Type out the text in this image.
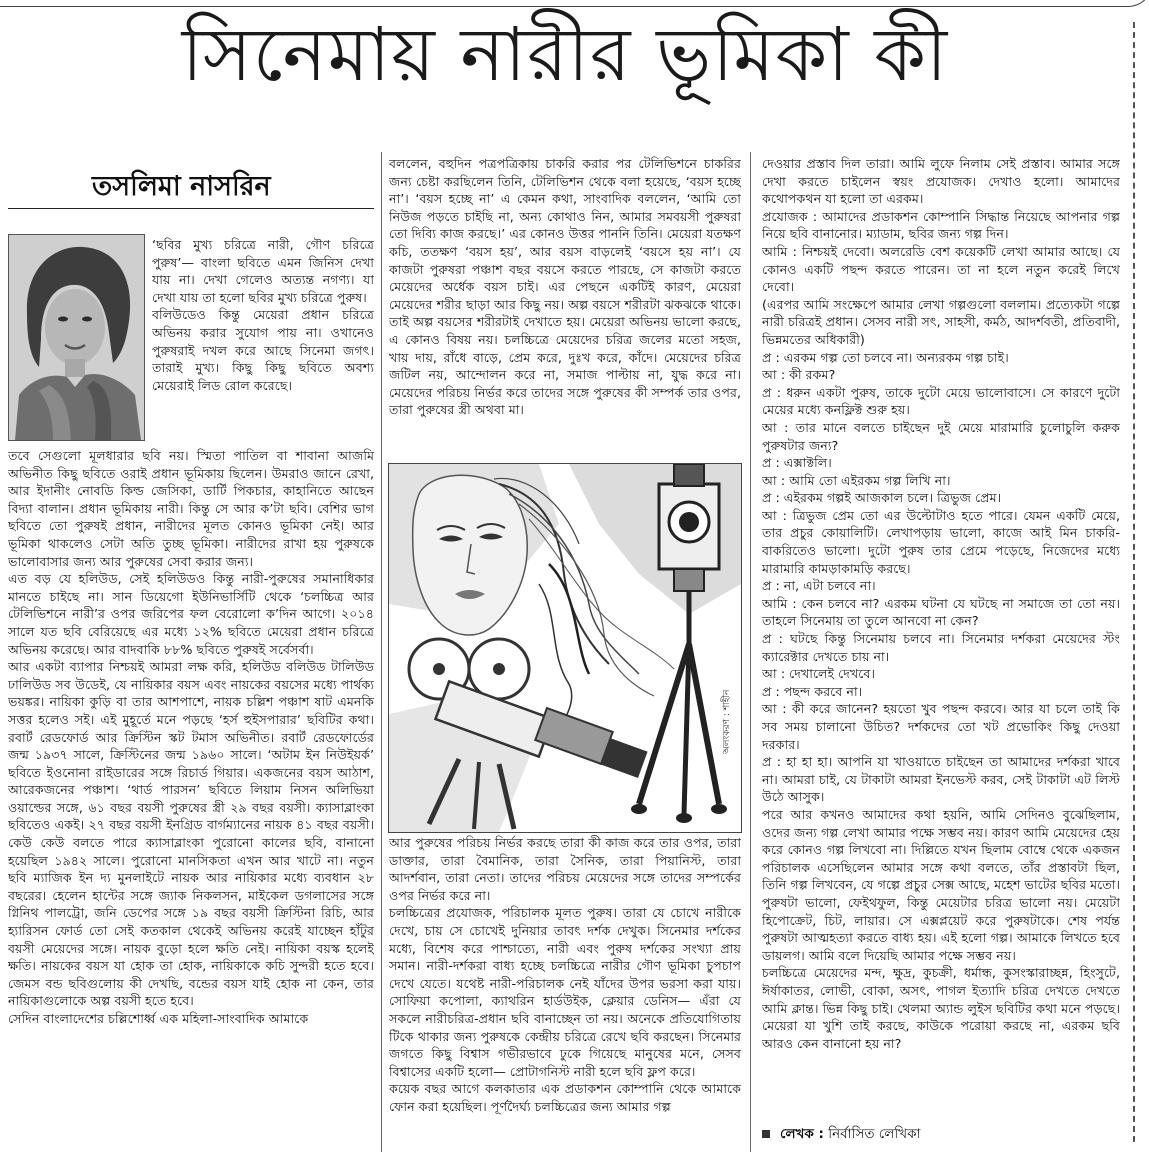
সিনেমায় নারীর ভূমিকা কী
তসলিমা নাসরিন

‘ছবির মুখ্য চরিত্রে নারী, গৌণ চরিত্রে পুরুষ’— বাংলা ছবিতে এমন জিনিস দেখা যায় না। দেখা গেলেও অত্যন্ত নগণ্য। যা দেখা যায় তা হলো ছবির মুখ্য চরিত্রে পুরুষ।

বলিউডেও কিন্তু মেয়েরা প্রধান চরিত্রে অভিনয় করার সুযোগ পায় না। ওখানেও পুরুষরাই দখল করে আছে সিনেমা জগৎ। তারাই মুখ্য। কিছু কিছু ছবিতে অবশ্য মেয়েরাই লিড রোল করেছে।

তবে সেগুলো মূলধারার ছবি নয়। স্মিতা পাতিল বা শাবানা আজমি অভিনীত কিছু ছবিতে ওরাই প্রধান ভূমিকায় ছিলেন। উমরাও জানে রেখা, আর ইদানীং নোবডি কিল্ড জেসিকা, ডার্টি পিকচার, কাহানিতে আছেন বিদ্যা বালান। প্রধান ভূমিকায় নারী। কিন্তু সে আর ক’টা ছবি। বেশির ভাগ ছবিতে তো পুরুষই প্রধান, নারীদের মূলত কোনও ভূমিকা নেই। আর ভূমিকা থাকলেও সেটা অতি তুচ্ছ ভূমিকা। নারীদের রাখা হয় পুরুষকে ভালোবাসার জন্য আর পুরুষের সেবা করার জন্য।

এত বড় যে হলিউড, সেই হলিউডও কিন্তু নারী-পুরুষের সমানাধিকার মানতে চাইছে না। সান ডিয়েগো ইউনিভার্সিটি থেকে ‘চলচ্চিত্র আর টেলিভিশনে নারী’র ওপর জরিপের ফল বেরোলো ক’দিন আগে। ২০১৪ সালে যত ছবি বেরিয়েছে এর মধ্যে ১২% ছবিতে মেয়েরা প্রধান চরিত্রে অভিনয় করেছে। আর বাদবাকি ৮৮% ছবিতে পুরুষই সর্বেসর্বা।

আর একটা ব্যাপার নিশ্চয়ই আমরা লক্ষ করি, হলিউড বলিউড টালিউড ঢালিউড সব উডেই, যে নায়িকার বয়স এবং নায়কের বয়সের মধ্যে পার্থক্য ভয়ঙ্কর। নায়িকা কুড়ি বা তার আশপাশে, নায়ক চল্লিশ পঞ্চাশ ষাট এমনকি সত্তর হলেও সই। এই মুহূর্তে মনে পড়ছে ‘হর্স হুইসপারার’ ছবিটির কথা। রবার্ট রেডফোর্ড আর ক্রিস্টিন স্কট টমাস অভিনীত। রবার্ট রেডফোর্ডের জন্ম ১৯৩৭ সালে, ক্রিস্টিনের জন্ম ১৯৬০ সালে। ‘অটাম ইন নিউইয়র্ক’ ছবিতে ইওনোনা রাইডারের সঙ্গে রিচার্ড গিয়ার। একজনের বয়স আঠাশ, আরেকজনের পঞ্চাশ। ‘থার্ড পারসন’ ছবিতে লিয়াম নিসন অলিভিয়া ওয়াল্ডের সঙ্গে, ৬১ বছর বয়সী পুরুষের স্ত্রী ২৯ বছর বয়সী। ক্যাসাব্লাংকা ছবিতেও একই। ২৭ বছর বয়সী ইনগ্রিড বার্গম্যানের নায়ক ৪১ বছর বয়সী। কেউ কেউ বলতে পারে ক্যাসাব্লাংকা পুরোনো কালের ছবি, বানানো হয়েছিল ১৯৪২ সালে। পুরোনো মানসিকতা এখন আর খাটে না। নতুন ছবি ম্যাজিক ইন দ্য মুনলাইটে নায়ক আর নায়িকার মধ্যে ব্যবধান ২৮ বছরের। হেলেন হান্টের সঙ্গে জ্যাক নিকলসন, মাইকেল ডগলাসের সঙ্গে গ্নিনিথ পালট্রো, জনি ডেপের সঙ্গে ১৯ বছর বয়সী ক্রিস্টিনা রিচি, আর হ্যারিসন ফোর্ড তো সেই কতকাল থেকেই অভিনয় করেই যাচ্ছেন হাঁটুর বয়সী মেয়েদের সঙ্গে। নায়ক বুড়ো হলে ক্ষতি নেই। নায়িকা বয়স্ক হলেই ক্ষতি। নায়কের বয়স যা হোক তা হোক, নায়িকাকে কচি সুন্দরী হতে হবে। জেমস বন্ড ছবিগুলোয় কী দেখছি, বন্ডের বয়স যাই হোক না কেন, তার নায়িকাগুলোকে অল্প বয়সী হতে হবে।

সেদিন বাংলাদেশের চল্লিশোর্ধ্ব এক মহিলা-সাংবাদিক আমাকে

বললেন, বহুদিন পত্রপত্রিকায় চাকরি করার পর টেলিভিশনে চাকরির জন্য চেষ্টা করছিলেন তিনি, টেলিভিশন থেকে বলা হয়েছে, ‘বয়স হচ্ছে না’। ‘বয়স হচ্ছে না’ এ কেমন কথা, সাংবাদিক বললেন, ‘আমি তো নিউজ পড়তে চাইছি না, অন্য কোথাও নিন, আমার সমবয়সী পুরুষরা তো দিব্যি কাজ করছে।’ এর কোনও উত্তর পাননি তিনি। মেয়েরা যতক্ষণ কচি, ততক্ষণ ‘বয়স হয়’, আর বয়স বাড়লেই ‘বয়সে হয় না’। যে কাজটা পুরুষরা পঞ্চাশ বছর বয়সে করতে পারছে, সে কাজটা করতে মেয়েদের অর্ধেক বয়স চাই। এর পেছনে একটিই কারণ, মেয়েরা মেয়েদের শরীর ছাড়া আর কিছু নয়। অল্প বয়সে শরীরটা ঝকঝকে থাকে। তাই অল্প বয়সের শরীরটাই দেখাতে হয়। মেয়েরা অভিনয় ভালো করছে, এ কোনও বিষয় নয়। চলচ্চিত্রে মেয়েদের চরিত্র জলের মতো সহজ, খায় দায়, রাঁধে বাড়ে, প্রেম করে, দুঃখ করে, কাঁদে। মেয়েদের চরিত্র জটিল নয়, আন্দোলন করে না, সমাজ পাল্টায় না, যুদ্ধ করে না। মেয়েদের পরিচয় নির্ভর করে তাদের সঙ্গে পুরুষের কী সম্পর্ক তার ওপর, তারা পুরুষের স্ত্রী অথবা মা।

অলংকরণ : শাহীন

আর পুরুষের পরিচয় নির্ভর করছে তারা কী কাজ করে তার ওপর, তারা ডাক্তার, তারা বৈমানিক, তারা সৈনিক, তারা পিয়ানিস্ট, তারা আদর্শবান, তারা নেতা। তাদের পরিচয় মেয়েদের সঙ্গে তাদের সম্পর্কের ওপর নির্ভর করে না।

চলচ্চিত্রের প্রযোজক, পরিচালক মূলত পুরুষ। তারা যে চোখে নারীকে দেখে, চায় সে চোখেই দুনিয়ার তাবৎ দর্শক দেখুক। সিনেমার দর্শকের মধ্যে, বিশেষ করে পাশ্চাত্যে, নারী এবং পুরুষ দর্শকের সংখ্যা প্রায় সমান। নারী-দর্শকরা বাধ্য হচ্ছে চলচ্চিত্রে নারীর গৌণ ভূমিকা চুপচাপ দেখে যেতে। যথেষ্ট নারী-পরিচালক নেই যাঁদের উপর ভরসা করা যায়। সোফিয়া কপোলা, ক্যাথরিন হার্ডউইক, ক্লেয়ার ডেনিস— এঁরা যে সকলে নারীচরিত্র-প্রধান ছবি বানাচ্ছেন তা নয়। অনেকে প্রতিযোগিতায় টিকে থাকার জন্য পুরুষকে কেন্দ্রীয় চরিত্রে রেখে ছবি করছেন। সিনেমার জগতে কিছু বিশ্বাস গভীরভাবে ঢুকে গিয়েছে মানুষের মনে, সেসব বিশ্বাসের একটি হলো— প্রোটাগনিস্ট নারী হলে ছবি ফ্লপ করে।

কয়েক বছর আগে কলকাতার এক প্রডাকশন কোম্পানি থেকে আমাকে ফোন করা হয়েছিল। পূর্ণদৈর্ঘ্য চলচ্চিত্রের জন্য আমার গল্প

দেওয়ার প্রস্তাব দিল তারা। আমি লুফে নিলাম সেই প্রস্তাব। আমার সঙ্গে দেখা করতে চাইলেন স্বয়ং প্রযোজক। দেখাও হলো। আমাদের কথোপকথন যা হলো তা এরকম।

প্রযোজক : আমাদের প্রডাকশন কোম্পানি সিদ্ধান্ত নিয়েছে আপনার গল্প নিয়ে ছবি বানানোর। ম্যাডাম, ছবির জন্য গল্প দিন।

আমি : নিশ্চয়ই দেবো। অলরেডি বেশ কয়েকটি লেখা আমার আছে। যে কোনও একটি পছন্দ করতে পারেন। তা না হলে নতুন করেই লিখে দেবো।

(এরপর আমি সংক্ষেপে আমার লেখা গল্পগুলো বললাম। প্রত্যেকটা গল্পে নারী চরিত্রই প্রধান। সেসব নারী সৎ, সাহসী, কর্মঠ, আদর্শবতী, প্রতিবাদী, ভিন্নমতের অধিকারী)

প্র : এরকম গল্প তো চলবে না। অন্যরকম গল্প চাই।

আ : কী রকম?

প্র : ধরুন একটা পুরুষ, তাকে দুটো মেয়ে ভালোবাসে। সে কারণে দুটো মেয়ের মধ্যে কনফ্লিক্ট শুরু হয়।

আ : তার মানে বলতে চাইছেন দুই মেয়ে মারামারি চুলোচুলি করুক পুরুষটার জন্য?

প্র : এক্সাক্টলি।

আ : আমি তো এইরকম গল্প লিখি না।

প্র : এইরকম গল্পই আজকাল চলে। ত্রিভুজ প্রেম।

আ : ত্রিভুজ প্রেম তো এর উল্টোটাও হতে পারে। যেমন একটি মেয়ে, তার প্রচুর কোয়ালিটি। লেখাপড়ায় ভালো, কাজে আই মিন চাকরি-বাকরিতেও ভালো। দুটো পুরুষ তার প্রেমে পড়েছে, নিজেদের মধ্যে মারামারি কামড়াকামড়ি করছে।

প্র : না, এটা চলবে না।

আমি : কেন চলবে না? এরকম ঘটনা যে ঘটছে না সমাজে তা তো নয়। তাহলে সিনেমায় তা তুলে আনবো না কেন?

প্র : ঘটছে কিন্তু সিনেমায় চলবে না। সিনেমার দর্শকরা মেয়েদের স্টং ক্যারেক্টার দেখতে চায় না।

আ : দেখালেই দেখবে।

প্র : পছন্দ করবে না।

আ : কী করে জানেন? হয়তো খুব পছন্দ করবে। আর যা চলে তাই কি সব সময় চালানো উচিত? দর্শকদের তো খট প্রভোকিং কিছু দেওয়া দরকার।

প্র : হা হা হা। আপনি যা খাওয়াতে চাইছেন তা আমাদের দর্শকরা খাবে না। আমরা চাই, যে টাকাটা আমরা ইনভেস্ট করব, সেই টাকাটা এট লিস্ট উঠে আসুক।

পরে আর কখনও আমাদের কথা হয়নি, আমি সেদিনও বুঝেছিলাম, ওদের জন্য গল্প লেখা আমার পক্ষে সম্ভব নয়। কারণ আমি মেয়েদের হেয় করে কোনও গল্প লিখবো না। দিল্লিতে যখন ছিলাম বোম্বে থেকে একজন পরিচালক এসেছিলেন আমার সঙ্গে কথা বলতে, তাঁর প্রস্তাবটা ছিল, তিনি গল্প লিখবেন, যে গল্পে প্রচুর সেক্স আছে, মহেশ ভাটের ছবির মতো। পুরুষটা ভালো, ফেইথফুল, কিন্তু মেয়েটার চরিত্র ভালো নয়। মেয়েটা হিপোক্রেট, চিট, লায়ার। সে এক্সপ্লয়েট করে পুরুষটাকে। শেষ পর্যন্ত পুরুষটা আত্মহত্যা করতে বাধ্য হয়। এই হলো গল্প। আমাকে লিখতে হবে ডায়লগ। আমি বলে দিয়েছি আমার পক্ষে সম্ভব নয়।

চলচ্চিত্রে মেয়েদের মন্দ, ক্ষুদ্র, কুচক্রী, ধর্মান্ধ, কুসংস্কারাচ্ছন্ন, হিংসুটে, ঈর্ষাকাতর, লোভী, বোকা, অসৎ, পাগল ইত্যাদি চরিত্র দেখতে দেখতে আমি ক্লান্ত। ভিন্ন কিছু চাই। থেলমা অ্যান্ড লুইস ছবিটির কথা মনে পড়ছে। মেয়েরা যা খুশি তাই করছে, কাউকে পরোয়া করছে না, এরকম ছবি আরও কেন বানানো হয় না?

লেখক : নির্বাসিত লেখিকা
